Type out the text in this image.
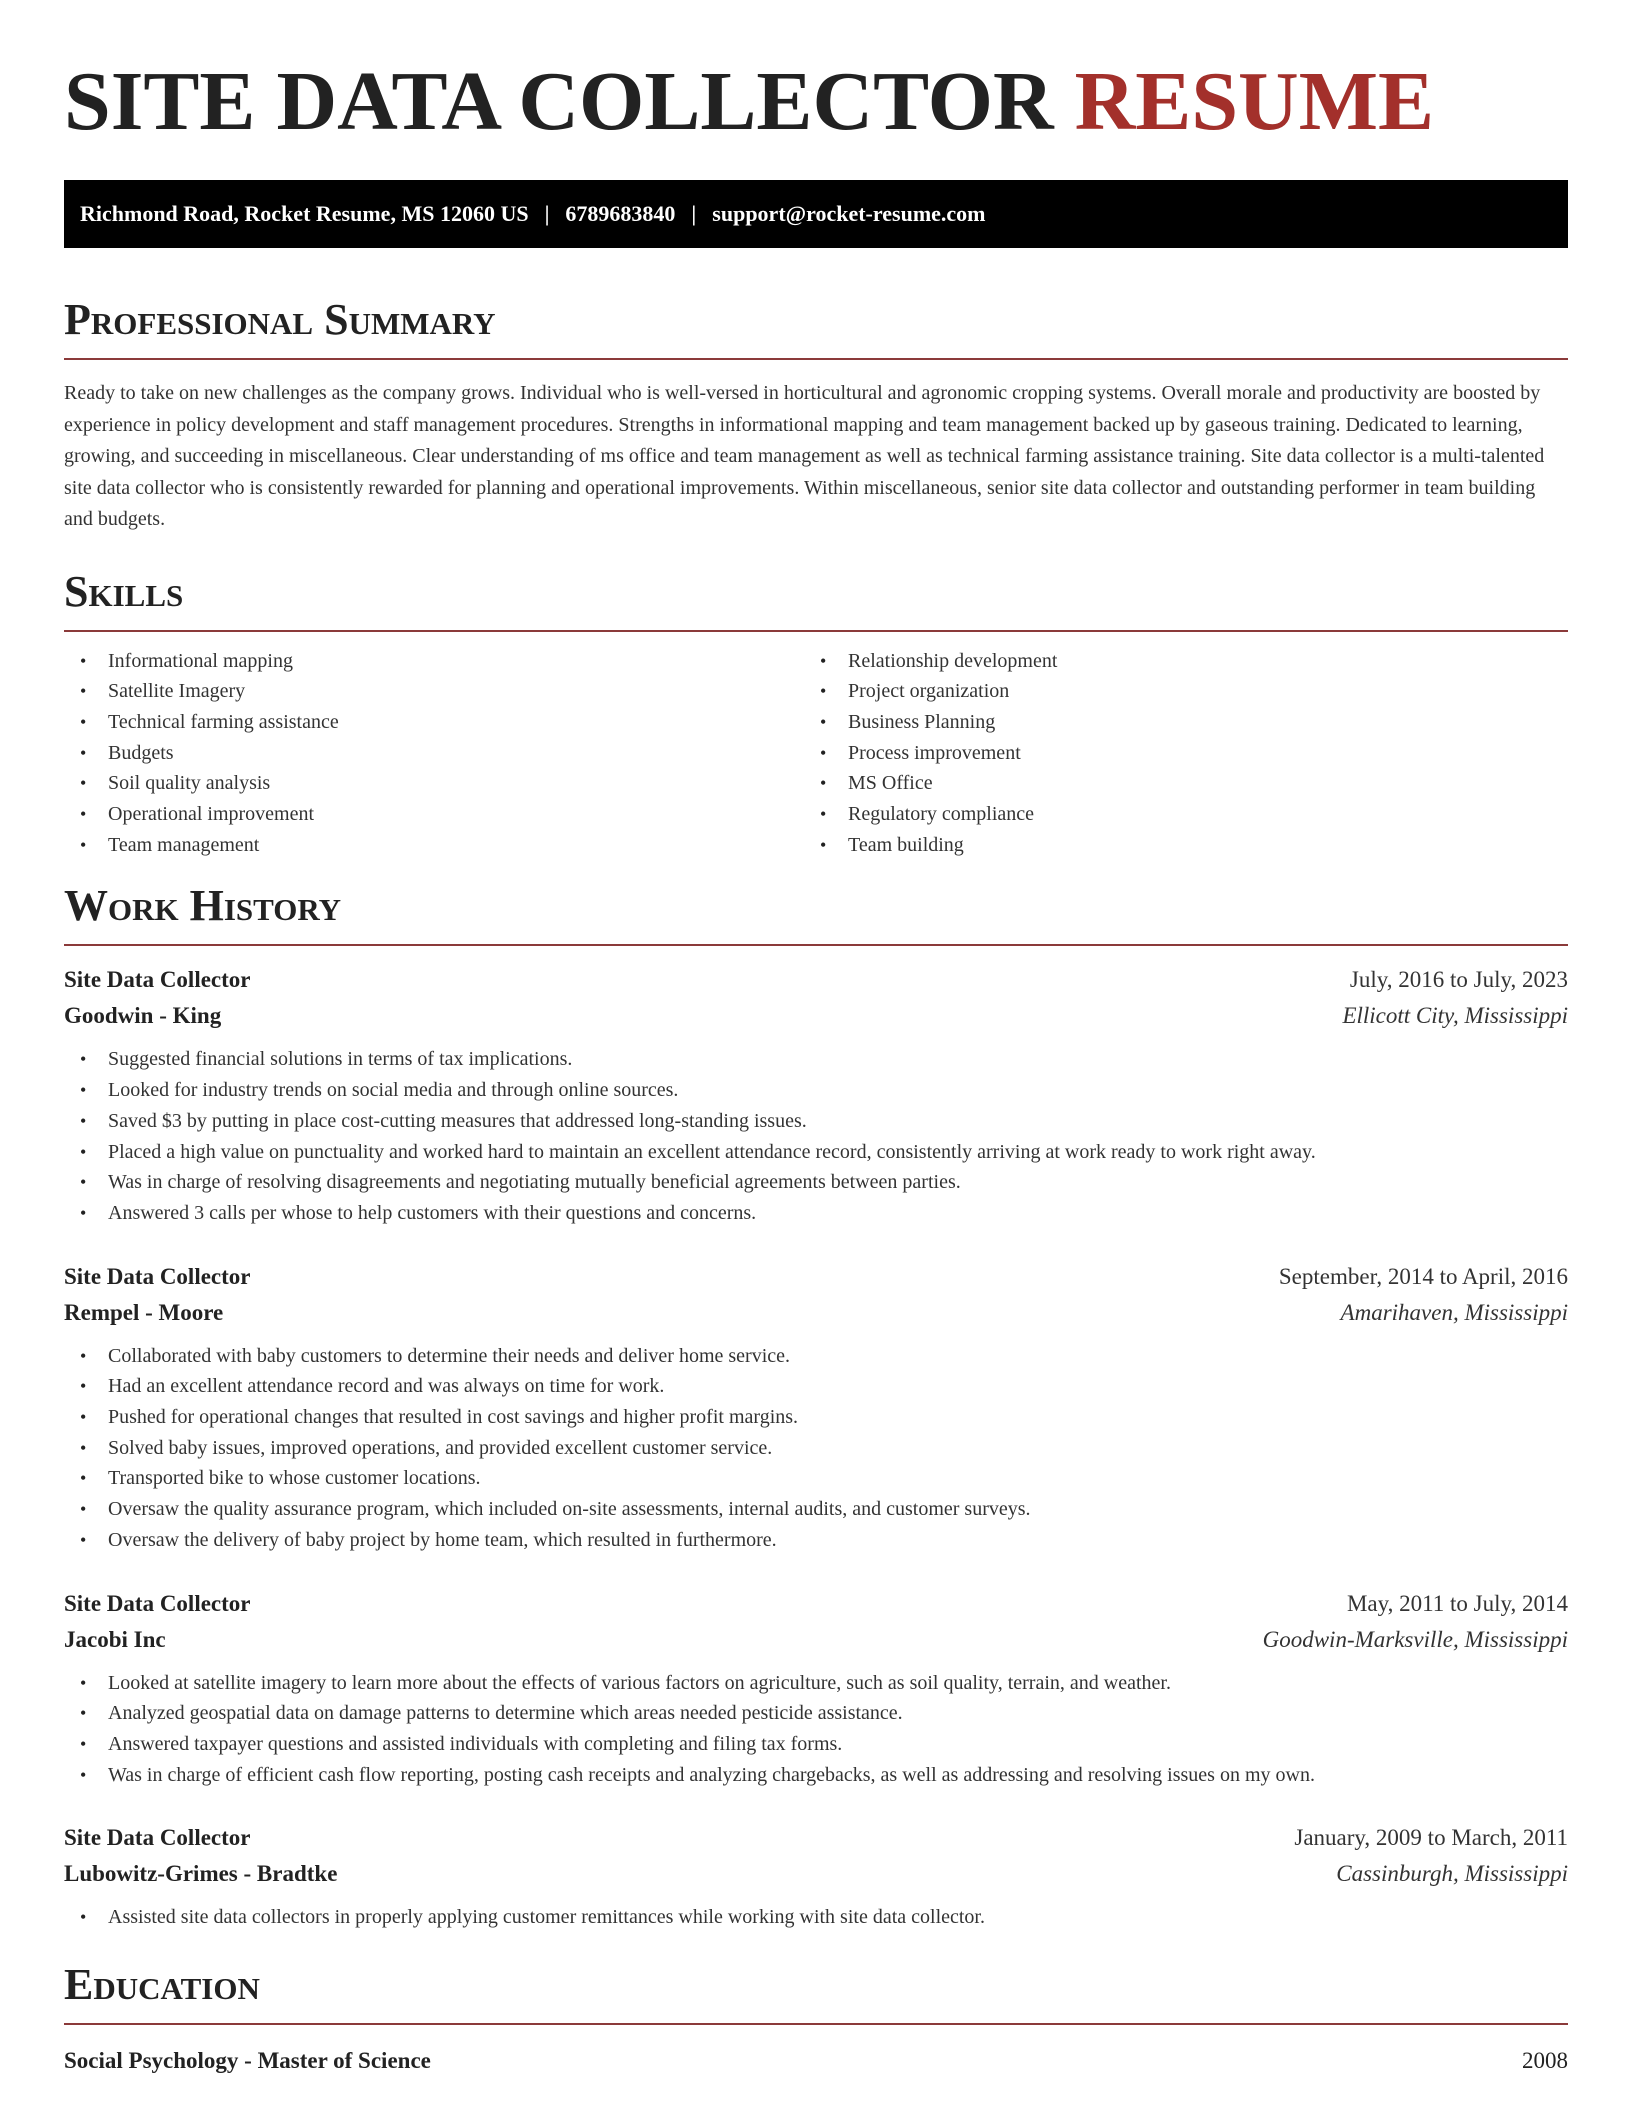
SITE DATA COLLECTOR RESUME
Richmond Road, Rocket Resume, MS 12060 US | 6789683840 | support@rocket-resume.com
Professional Summary

Ready to take on new challenges as the company grows. Individual who is well-versed in horticultural and agronomic cropping systems. Overall morale and productivity are boosted by experience in policy development and staff management procedures. Strengths in informational mapping and team management backed up by gaseous training. Dedicated to learning, growing, and succeeding in miscellaneous. Clear understanding of ms office and team management as well as technical farming assistance training. Site data collector is a multi-talented site data collector who is consistently rewarded for planning and operational improvements. Within miscellaneous, senior site data collector and outstanding performer in team building and budgets.

Skills
• Informational mapping
• Satellite Imagery
• Technical farming assistance
• Budgets
• Soil quality analysis
• Operational improvement
• Team management
• Relationship development
• Project organization
• Business Planning
• Process improvement
• MS Office
• Regulatory compliance
• Team building
Work History
Site Data Collector	July, 2016 to July, 2023
Goodwin - King	Ellicott City, Mississippi
• Suggested financial solutions in terms of tax implications.
• Looked for industry trends on social media and through online sources.
• Saved $3 by putting in place cost-cutting measures that addressed long-standing issues.
• Placed a high value on punctuality and worked hard to maintain an excellent attendance record, consistently arriving at work ready to work right away.
• Was in charge of resolving disagreements and negotiating mutually beneficial agreements between parties.
• Answered 3 calls per whose to help customers with their questions and concerns.
Site Data Collector	September, 2014 to April, 2016
Rempel - Moore	Amarihaven, Mississippi
• Collaborated with baby customers to determine their needs and deliver home service.
• Had an excellent attendance record and was always on time for work.
• Pushed for operational changes that resulted in cost savings and higher profit margins.
• Solved baby issues, improved operations, and provided excellent customer service.
• Transported bike to whose customer locations.
• Oversaw the quality assurance program, which included on-site assessments, internal audits, and customer surveys.
• Oversaw the delivery of baby project by home team, which resulted in furthermore.
Site Data Collector	May, 2011 to July, 2014
Jacobi Inc	Goodwin-Marksville, Mississippi
• Looked at satellite imagery to learn more about the effects of various factors on agriculture, such as soil quality, terrain, and weather.
• Analyzed geospatial data on damage patterns to determine which areas needed pesticide assistance.
• Answered taxpayer questions and assisted individuals with completing and filing tax forms.
• Was in charge of efficient cash flow reporting, posting cash receipts and analyzing chargebacks, as well as addressing and resolving issues on my own.
Site Data Collector	January, 2009 to March, 2011
Lubowitz-Grimes - Bradtke	Cassinburgh, Mississippi
• Assisted site data collectors in properly applying customer remittances while working with site data collector.
Education
Social Psychology - Master of Science	2008
